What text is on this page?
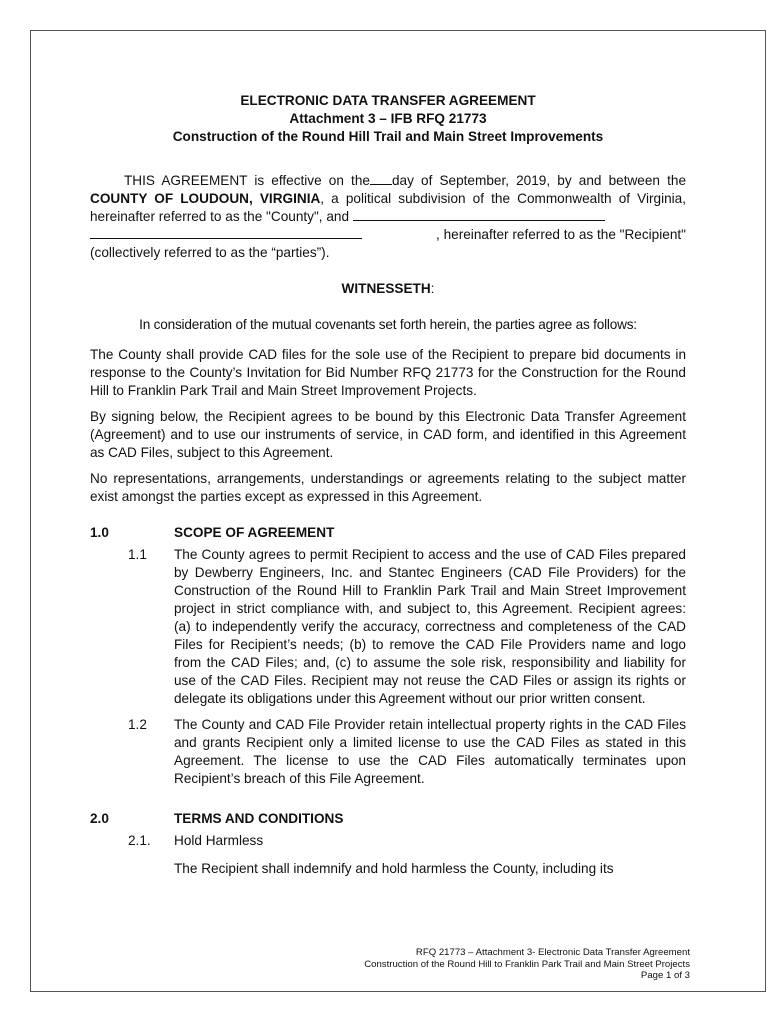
ELECTRONIC DATA TRANSFER AGREEMENT
Attachment 3 – IFB RFQ 21773
Construction of the Round Hill Trail and Main Street Improvements
THIS AGREEMENT is effective on the day of September, 2019, by and between the COUNTY OF LOUDOUN, VIRGINIA, a political subdivision of the Commonwealth of Virginia, hereinafter referred to as the "County", and
, hereinafter referred to as the "Recipient"
(collectively referred to as the “parties”).
WITNESSETH:
In consideration of the mutual covenants set forth herein, the parties agree as follows:
The County shall provide CAD files for the sole use of the Recipient to prepare bid documents in response to the County’s Invitation for Bid Number RFQ 21773 for the Construction for the Round Hill to Franklin Park Trail and Main Street Improvement Projects.
By signing below, the Recipient agrees to be bound by this Electronic Data Transfer Agreement (Agreement) and to use our instruments of service, in CAD form, and identified in this Agreement as CAD Files, subject to this Agreement.
No representations, arrangements, understandings or agreements relating to the subject matter exist amongst the parties except as expressed in this Agreement.
1.0	SCOPE OF AGREEMENT
1.1	The County agrees to permit Recipient to access and the use of CAD Files prepared by Dewberry Engineers, Inc. and Stantec Engineers (CAD File Providers) for the Construction of the Round Hill to Franklin Park Trail and Main Street Improvement project in strict compliance with, and subject to, this Agreement. Recipient agrees: (a) to independently verify the accuracy, correctness and completeness of the CAD Files for Recipient’s needs; (b) to remove the CAD File Providers name and logo from the CAD Files; and, (c) to assume the sole risk, responsibility and liability for use of the CAD Files. Recipient may not reuse the CAD Files or assign its rights or delegate its obligations under this Agreement without our prior written consent.
1.2	The County and CAD File Provider retain intellectual property rights in the CAD Files and grants Recipient only a limited license to use the CAD Files as stated in this Agreement. The license to use the CAD Files automatically terminates upon Recipient’s breach of this File Agreement.
2.0	TERMS AND CONDITIONS
2.1.	Hold Harmless
The Recipient shall indemnify and hold harmless the County, including its
RFQ 21773 – Attachment 3- Electronic Data Transfer Agreement
Construction of the Round Hill to Franklin Park Trail and Main Street Projects
Page 1 of 3
